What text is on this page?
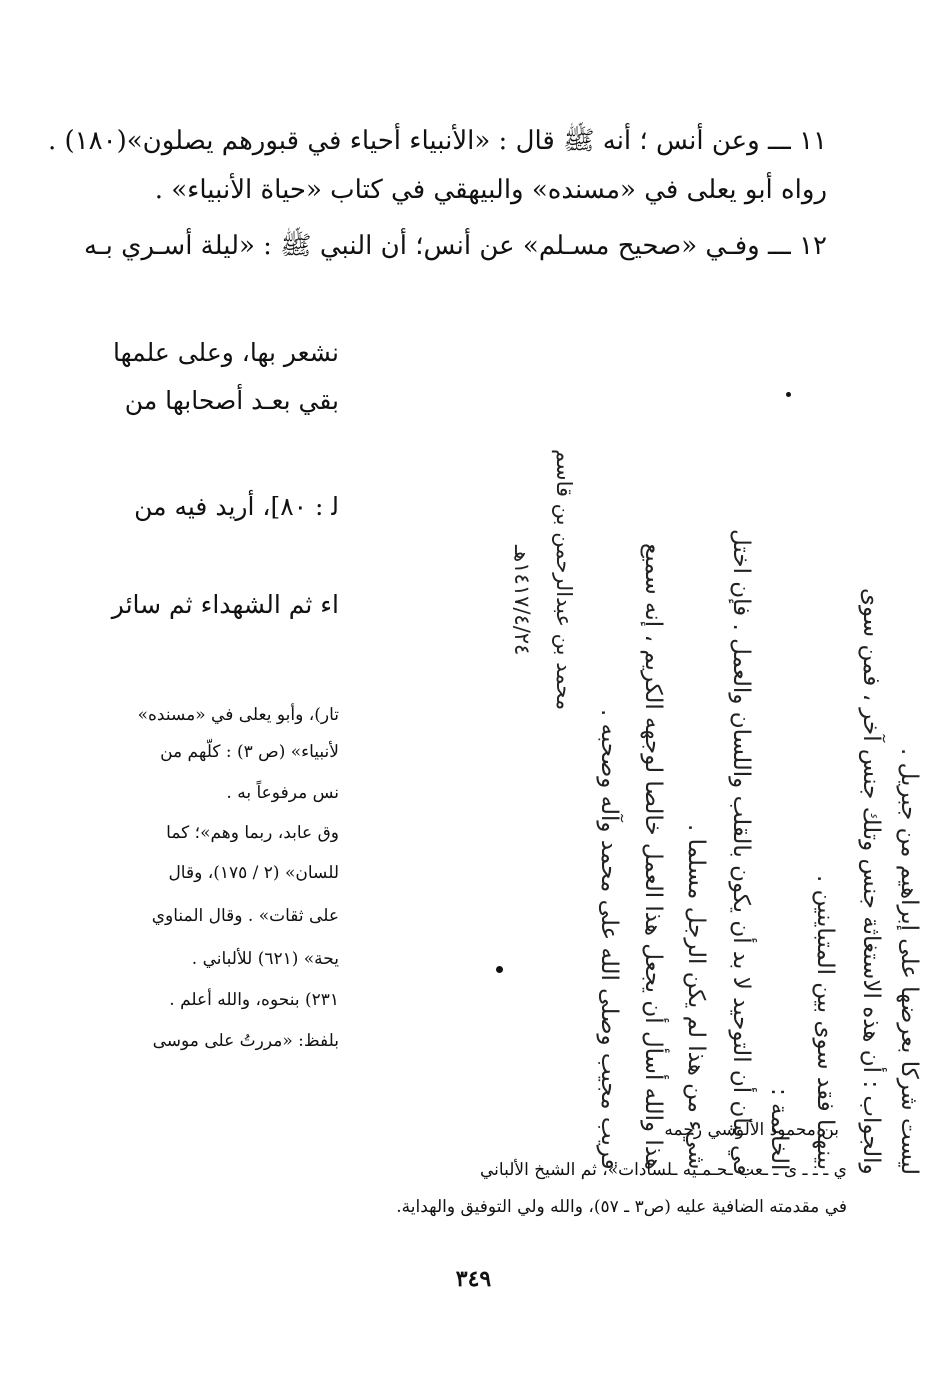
١١ ـــ وعن أنس ؛ أنه ﷺ قال : «الأنبياء أحياء في قبورهم يصلون»(١٨٠) .
رواه أبو يعلى في «مسنده» والبيهقي في كتاب «حياة الأنبياء» .
١٢ ـــ وفـي «صحيح مسـلم» عن أنس؛ أن النبي ﷺ : «ليلة أسـري بـه
نشعر بها، وعلى علمها
بقي بعـد أصحابها من
ﻟ : ٨٠]، أريد فيه من
اء ثم الشهداء ثم سائر
تار)، وأبو يعلى في «مسنده»
لأنبياء» (ص ٣) : كلّهم من
نس مرفوعاً به .
وق عابد، ربما وهم»؛ كما
للسان» (٢ / ١٧٥)، وقال
على ثقات» . وقال المناوي
يحة» (٦٢١) للألباني .
٢٣١) بنحوه، والله أعلم .
بلفظ: «مررتُ على موسى	ليست شركا بعرضها على إبراهيم من جبريل .
والجواب : أن هذه الاستغاثة جنس وتلك جنس آخر ، فمن سوى
بينهما فقد سوى بين المتباينين .
الخاتمة :
في بيان أن التوحيد لا بد أن يكون بالقلب واللسان والعمل . فإن اختل
شيء من هذا لم يكن الرجل مسلما .
هذا والله أسأل أن يجعل هذا العمل خالصا لوجهه الكريم ، إنه سميع
قريب مجيب وصلى الله على محمد وآله وصحبه .
محمد بن عبدالرحمن بن قاسم
١٤١٧/٤/٢٤هـ
بن محمود الألوسي رحمه
ي ـ ـ ـ ى ـ ـعب ـحـمـيه ـلسادات»، ثم الشيخ الألباني
في مقدمته الضافية عليه (ص٣ ـ ٥٧)، والله ولي التوفيق والهداية.
٣٤٩
